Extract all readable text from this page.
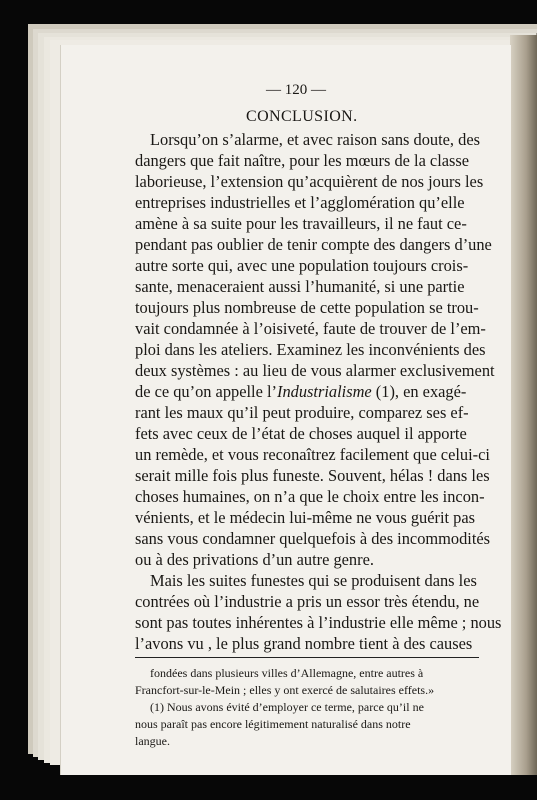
— 120 —
CONCLUSION.
Lorsqu’on s’alarme, et avec raison sans doute, des
dangers que fait naître, pour les mœurs de la classe
laborieuse, l’extension qu’acquièrent de nos jours les
entreprises industrielles et l’agglomération qu’elle
amène à sa suite pour les travailleurs, il ne faut ce-
pendant pas oublier de tenir compte des dangers d’une
autre sorte qui, avec une population toujours crois-
sante, menaceraient aussi l’humanité, si une partie
toujours plus nombreuse de cette population se trou-
vait condamnée à l’oisiveté, faute de trouver de l’em-
ploi dans les ateliers. Examinez les inconvénients des
deux systèmes : au lieu de vous alarmer exclusivement
de ce qu’on appelle l’Industrialisme (1), en exagé-
rant les maux qu’il peut produire, comparez ses ef-
fets avec ceux de l’état de choses auquel il apporte
un remède, et vous reconaîtrez facilement que celui-ci
serait mille fois plus funeste. Souvent, hélas ! dans les
choses humaines, on n’a que le choix entre les incon-
vénients, et le médecin lui-même ne vous guérit pas
sans vous condamner quelquefois à des incommodités
ou à des privations d’un autre genre.
Mais les suites funestes qui se produisent dans les
contrées où l’industrie a pris un essor très étendu, ne
sont pas toutes inhérentes à l’industrie elle même ; nous
l’avons vu , le plus grand nombre tient à des causes
fondées dans plusieurs villes d’Allemagne, entre autres à
Francfort-sur-le-Mein ; elles y ont exercé de salutaires effets.»
(1) Nous avons évité d’employer ce terme, parce qu’il ne
nous paraît pas encore légitimement naturalisé dans notre
langue.
